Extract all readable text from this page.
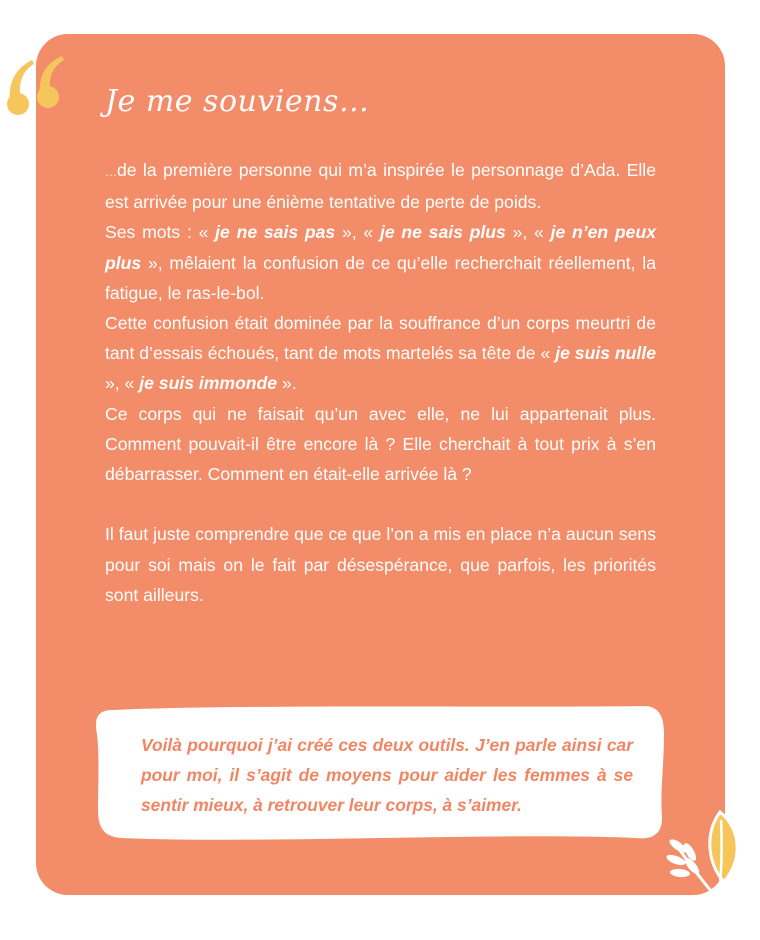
Je me souviens…

…de la première personne qui m’a inspirée le personnage d’Ada. Elle est arrivée pour une énième tentative de perte de poids.

Ses mots : « je ne sais pas », « je ne sais plus », « je n’en peux plus », mêlaient la confusion de ce qu’elle recherchait réellement, la fatigue, le ras-le-bol.

Cette confusion était dominée par la souffrance d’un corps meurtri de tant d’essais échoués, tant de mots martelés sa tête de « je suis nulle », « je suis immonde ».

Ce corps qui ne faisait qu’un avec elle, ne lui appartenait plus. Comment pouvait-il être encore là ? Elle cherchait à tout prix à s’en débarrasser. Comment en était-elle arrivée là ?

Il faut juste comprendre que ce que l’on a mis en place n’a aucun sens pour soi mais on le fait par désespérance, que parfois, les priorités sont ailleurs.

Voilà pourquoi j’ai créé ces deux outils. J’en parle ainsi car pour moi, il s’agit de moyens pour aider les femmes à se sentir mieux, à retrouver leur corps, à s’aimer.
